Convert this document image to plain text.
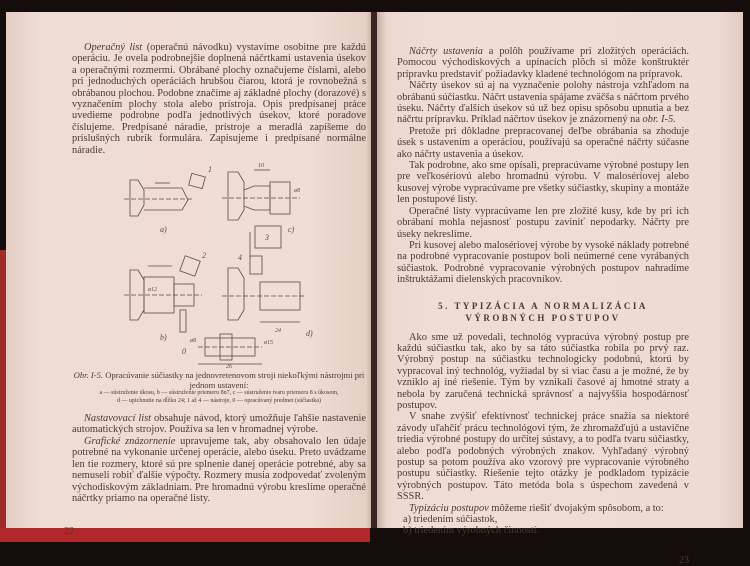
Operačný list (operačnú návodku) vystavíme osobitne pre každú operáciu. Je ovela podrobnejšie doplnená náčrtkami ustavenia úsekov a operačnými rozmermi. Obrábané plochy označujeme číslami, alebo pri jednoduchých operáciách hrubšou čiarou, ktorá je rovnobežná s obrábanou plochou. Podobne značíme aj základné plochy (dorazové) s vyznačením plochy stola alebo prístroja. Opis predpísanej práce uvedieme podrobne podľa jednotlivých úsekov, ktoré poradove číslujeme. Predpísané náradie, prístroje a meradlá zapíšeme do príslušných rubrík formulára. Zapisujeme i predpísané normálne náradie.

a)
b)
c)
d)
0
1
2
3
4
10
ø12
ø8
24
ø8	ø15
26
Obr. I-5. Opracúvanie súčiastky na jednovretenovom stroji niekoľkými nástrojmi pri jednom ustavení:
a — sústruženie úkosu, b — sústruženie priemeru 8n7, c — sústruženie tvaru priemeru 8 s úkosom,
d — upichnutie na dĺžku 24; 1 až 4 — nástroje, 0 — opracúvaný predmet (súčiastka)

Nastavovací list obsahuje návod, ktorý umožňuje ľahšie nastavenie automatických strojov. Používa sa len v hromadnej výrobe.

Grafické znázornenie upravujeme tak, aby obsahovalo len údaje potrebné na vykonanie určenej operácie, alebo úseku. Preto uvádzame len tie rozmery, ktoré sú pre splnenie danej operácie potrebné, aby sa nemuseli robiť ďalšie výpočty. Rozmery musia zodpovedať zvoleným východiskovým základniam. Pre hromadnú výrobu kreslíme operačné náčrtky priamo na operačné listy.

22

Náčrty ustavenia a polôh používame pri zložitých operáciách. Pomocou východiskových a upínacích plôch si môže konštruktér prípravku predstaviť požiadavky kladené technológom na prípravok.

Náčrty úsekov sú aj na vyznačenie polohy nástroja vzhľadom na obrábanú súčiastku. Náčrt ustavenia spájame zväčša s náčrtom prvého úseku. Náčrty ďalších úsekov sú už bez opisu spôsobu upnutia a bez náčrtu prípravku. Príklad náčrtov úsekov je znázornený na obr. I-5.

Pretože pri dôkladne prepracovanej deľbe obrábania sa zhoduje úsek s ustavením a operáciou, používajú sa operačné náčrty súčasne ako náčrty ustavenia a úsekov.

Tak podrobne, ako sme opísali, prepracúvame výrobné postupy len pre veľkosériovú alebo hromadnú výrobu. V malosériovej alebo kusovej výrobe vypracúvame pre všetky súčiastky, skupiny a montáže len postupové listy.

Operačné listy vypracúvame len pre zložité kusy, kde by pri ich obrábaní mohla nejasnosť postupu zaviniť nepodarky. Náčrty pre úseky nekreslíme.

Pri kusovej alebo malosériovej výrobe by vysoké náklady potrebné na podrobné vypracovanie postupov boli neúmerné cene vyrábaných súčiastok. Podrobné vypracovanie výrobných postupov nahradíme inštruktážami dielenských pracovníkov.

5. TYPIZÁCIA A NORMALIZÁCIA
VÝROBNÝCH POSTUPOV

Ako sme už povedali, technológ vypracúva výrobný postup pre každú súčiastku tak, ako by sa táto súčiastka robila po prvý raz. Výrobný postup na súčiastku technologicky podobnú, ktorú by vypracoval iný technológ, vyžiadal by si viac času a je možné, že by vzniklo aj iné riešenie. Tým by vznikali časové aj hmotné straty a nebola by zaručená technická správnosť a najvyššia hospodárnosť postupov.

V snahe zvýšiť efektívnosť technickej práce snažia sa niektoré závody uľahčiť prácu technológovi tým, že zhromažďujú a ustavične triedia výrobné postupy do určitej sústavy, a to podľa tvaru súčiastky, alebo podľa podobných výrobných znakov. Vyhľadaný výrobný postup sa potom používa ako vzorový pre vypracovanie výrobného postupu súčiastky. Riešenie tejto otázky je podkladom typizácie výrobných postupov. Táto metóda bola s úspechom zavedená v SSSR.

Typizáciu postupov môžeme riešiť dvojakým spôsobom, a to:

a) triedením súčiastok,

b) triedením výrobných činností.

23
